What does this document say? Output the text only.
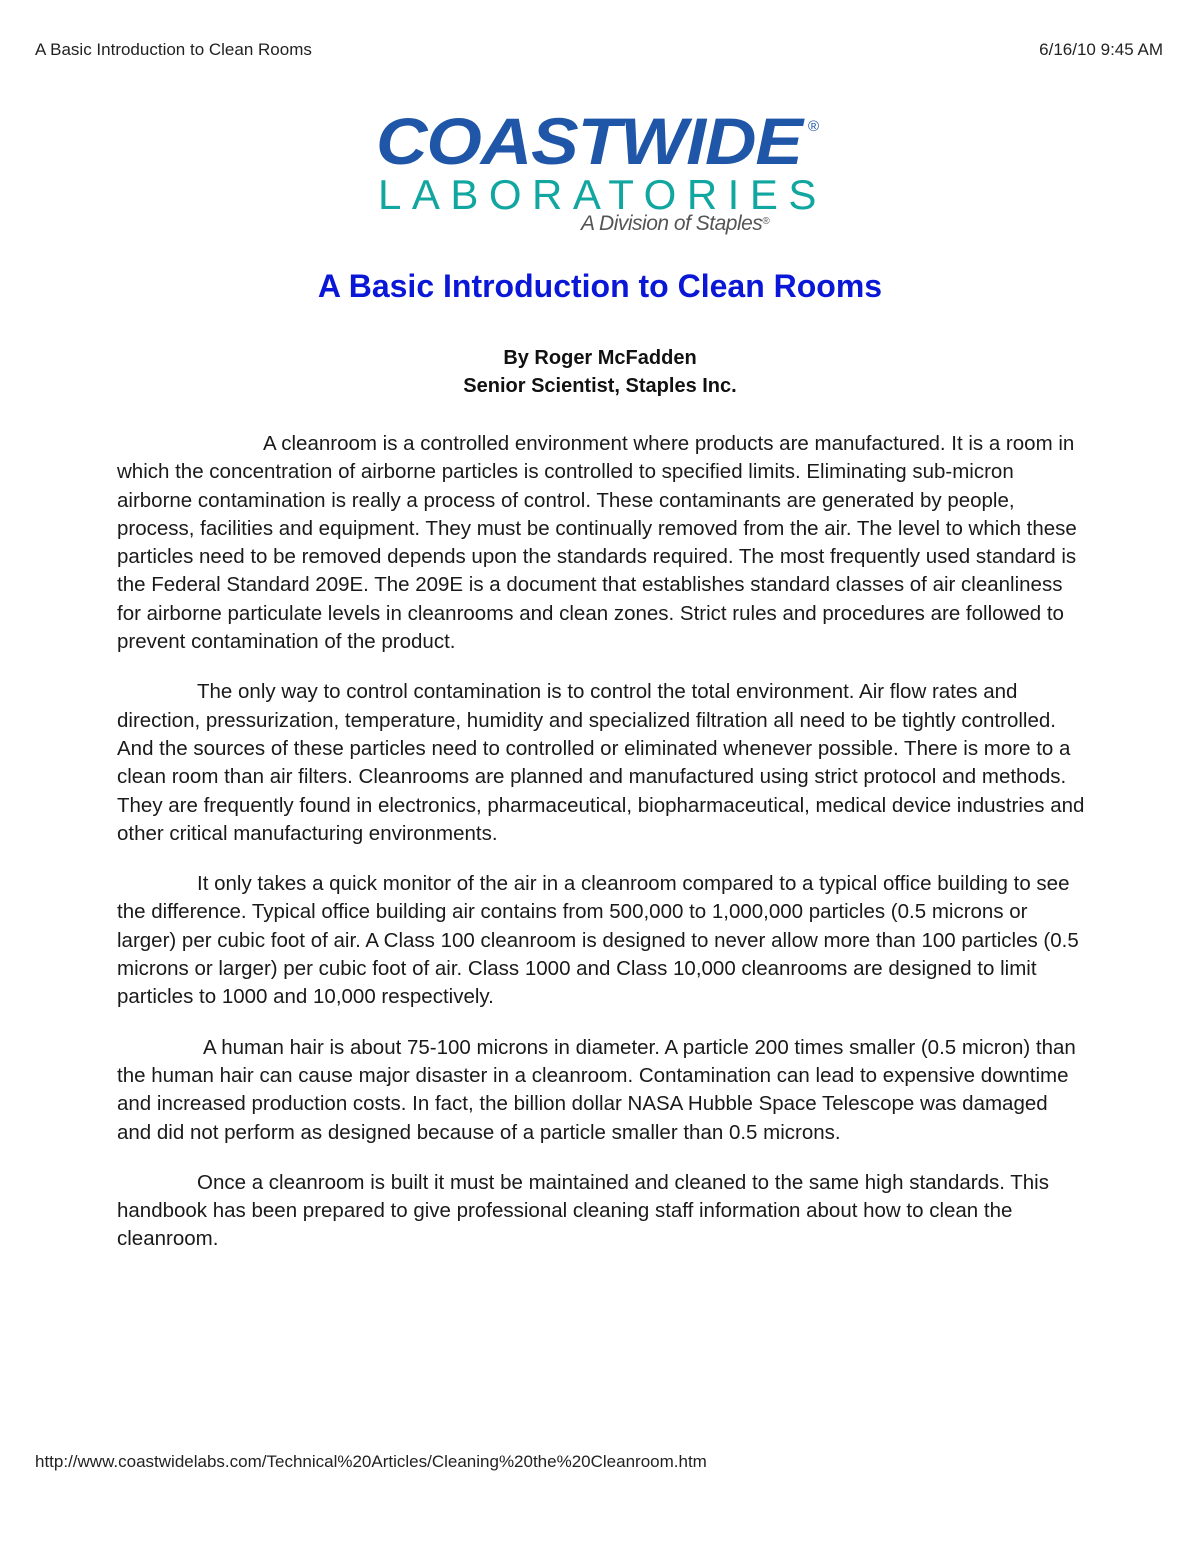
A Basic Introduction to Clean Rooms	6/16/10 9:45 AM
COASTWIDE ®
LABORATORIES
A Division of Staples®
A Basic Introduction to Clean Rooms
By Roger McFadden
Senior Scientist, Staples Inc.

A cleanroom is a controlled environment where products are manufactured. It is a room in which the concentration of airborne particles is controlled to specified limits. Eliminating sub-micron airborne contamination is really a process of control. These contaminants are generated by people, process, facilities and equipment. They must be continually removed from the air. The level to which these particles need to be removed depends upon the standards required. The most frequently used standard is the Federal Standard 209E. The 209E is a document that establishes standard classes of air cleanliness for airborne particulate levels in cleanrooms and clean zones. Strict rules and procedures are followed to prevent contamination of the product.

The only way to control contamination is to control the total environment. Air flow rates and direction, pressurization, temperature, humidity and specialized filtration all need to be tightly controlled. And the sources of these particles need to controlled or eliminated whenever possible. There is more to a clean room than air filters. Cleanrooms are planned and manufactured using strict protocol and methods. They are frequently found in electronics, pharmaceutical, biopharmaceutical, medical device industries and other critical manufacturing environments.

It only takes a quick monitor of the air in a cleanroom compared to a typical office building to see the difference. Typical office building air contains from 500,000 to 1,000,000 particles (0.5 microns or larger) per cubic foot of air. A Class 100 cleanroom is designed to never allow more than 100 particles (0.5 microns or larger) per cubic foot of air. Class 1000 and Class 10,000 cleanrooms are designed to limit particles to 1000 and 10,000 respectively.

A human hair is about 75-100 microns in diameter. A particle 200 times smaller (0.5 micron) than the human hair can cause major disaster in a cleanroom. Contamination can lead to expensive downtime and increased production costs. In fact, the billion dollar NASA Hubble Space Telescope was damaged and did not perform as designed because of a particle smaller than 0.5 microns.

Once a cleanroom is built it must be maintained and cleaned to the same high standards. This handbook has been prepared to give professional cleaning staff information about how to clean the cleanroom.

http://www.coastwidelabs.com/Technical%20Articles/Cleaning%20the%20Cleanroom.htm
